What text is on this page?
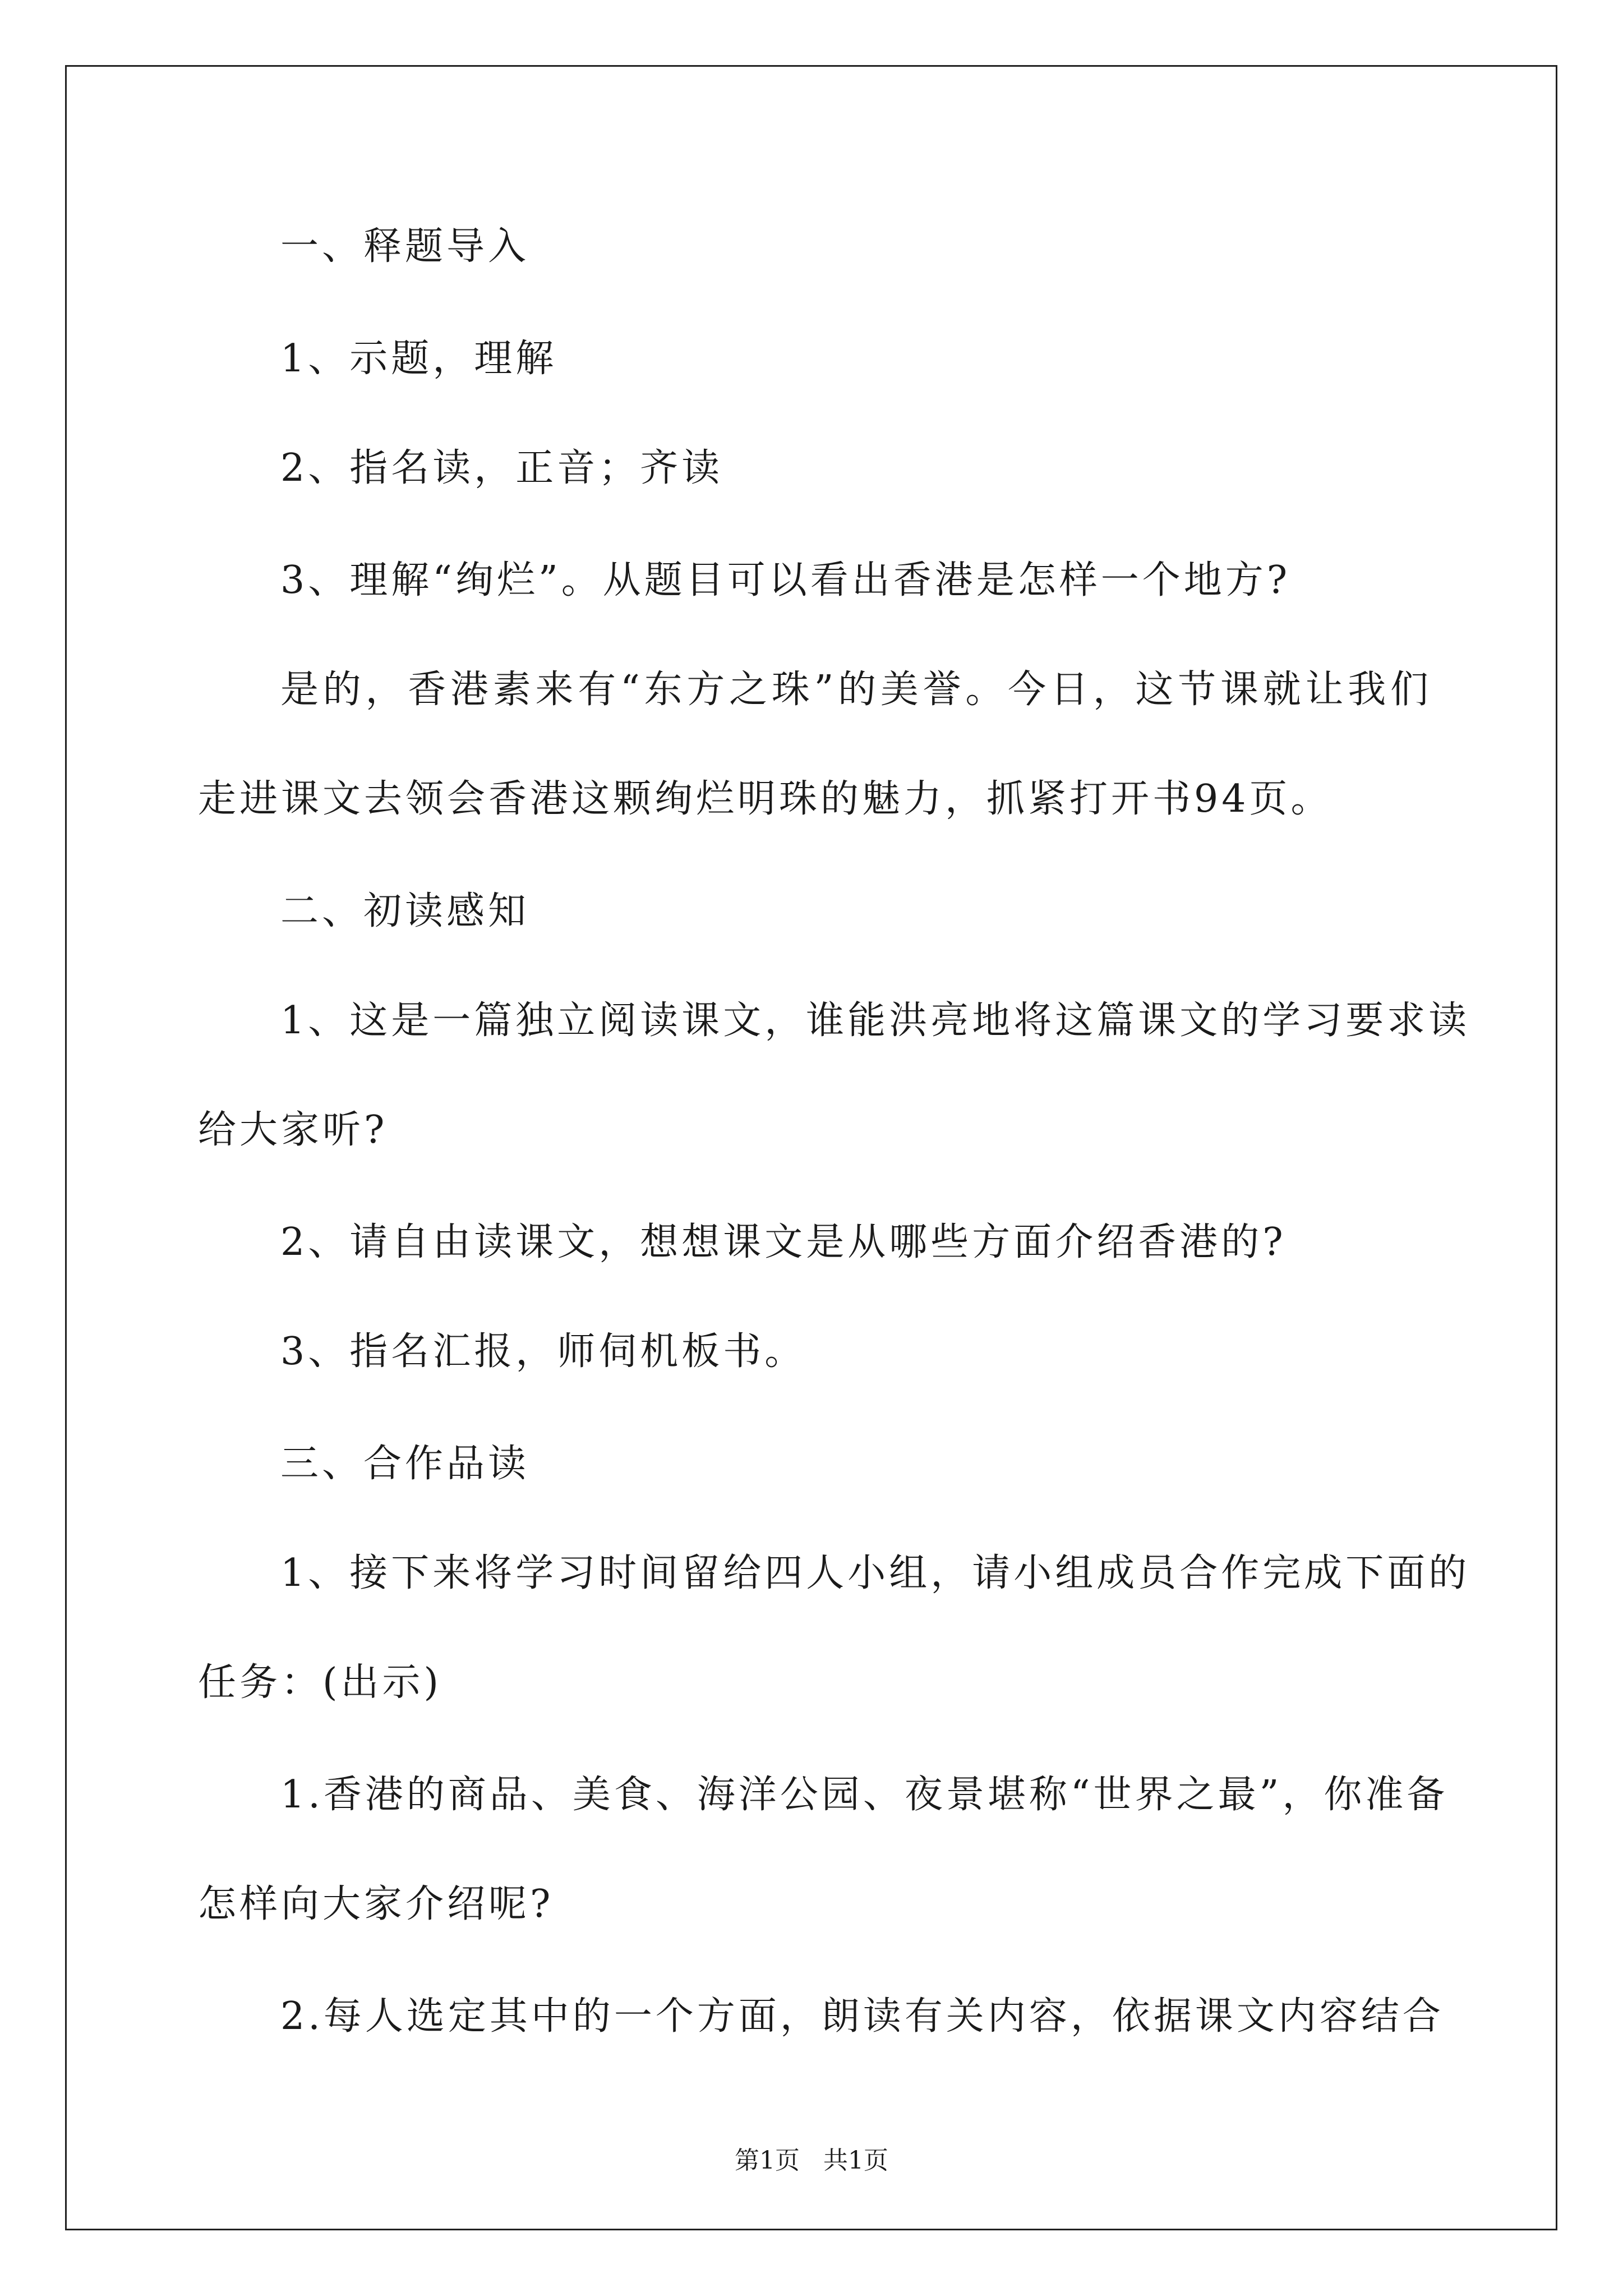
一、释题导入
1、示题，理解
2、指名读，正音；齐读
3、理解“绚烂”。从题目可以看出香港是怎样一个地方?
是的，香港素来有“东方之珠”的美誉。今日，这节课就让我们
走进课文去领会香港这颗绚烂明珠的魅力，抓紧打开书94页。
二、初读感知
1、这是一篇独立阅读课文，谁能洪亮地将这篇课文的学习要求读
给大家听?
2、请自由读课文，想想课文是从哪些方面介绍香港的?
3、指名汇报，师伺机板书。
三、合作品读
1、接下来将学习时间留给四人小组，请小组成员合作完成下面的
任务：(出示)
1.香港的商品、美食、海洋公园、夜景堪称“世界之最”，你准备
怎样向大家介绍呢?
2.每人选定其中的一个方面，朗读有关内容，依据课文内容结合
第1页 共1页
